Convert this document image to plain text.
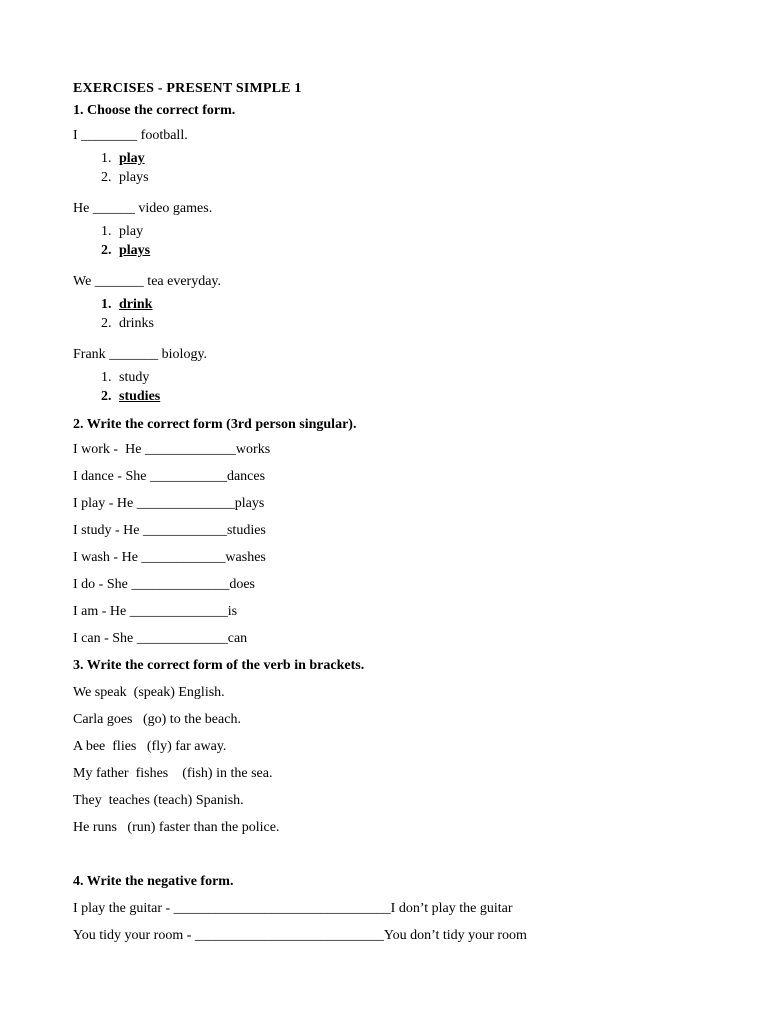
EXERCISES - PRESENT SIMPLE 1
1. Choose the correct form.
I ________ football.
1. play
2. plays
He ______ video games.
1. play
2. plays
We _______ tea everyday.
1. drink
2. drinks
Frank _______ biology.
1. study
2. studies
2. Write the correct form (3rd person singular).
I work -  He _____________works
I dance - She ___________dances
I play - He ______________plays
I study - He ____________studies
I wash - He ____________washes
I do - She ______________does
I am - He ______________is
I can - She _____________can
3. Write the correct form of the verb in brackets.
We speak  (speak) English.
Carla goes   (go) to the beach.
A bee  flies   (fly) far away.
My father  fishes    (fish) in the sea.
They  teaches (teach) Spanish.
He runs   (run) faster than the police.
4. Write the negative form.
I play the guitar - _______________________________I don’t play the guitar
You tidy your room - ___________________________You don’t tidy your room
